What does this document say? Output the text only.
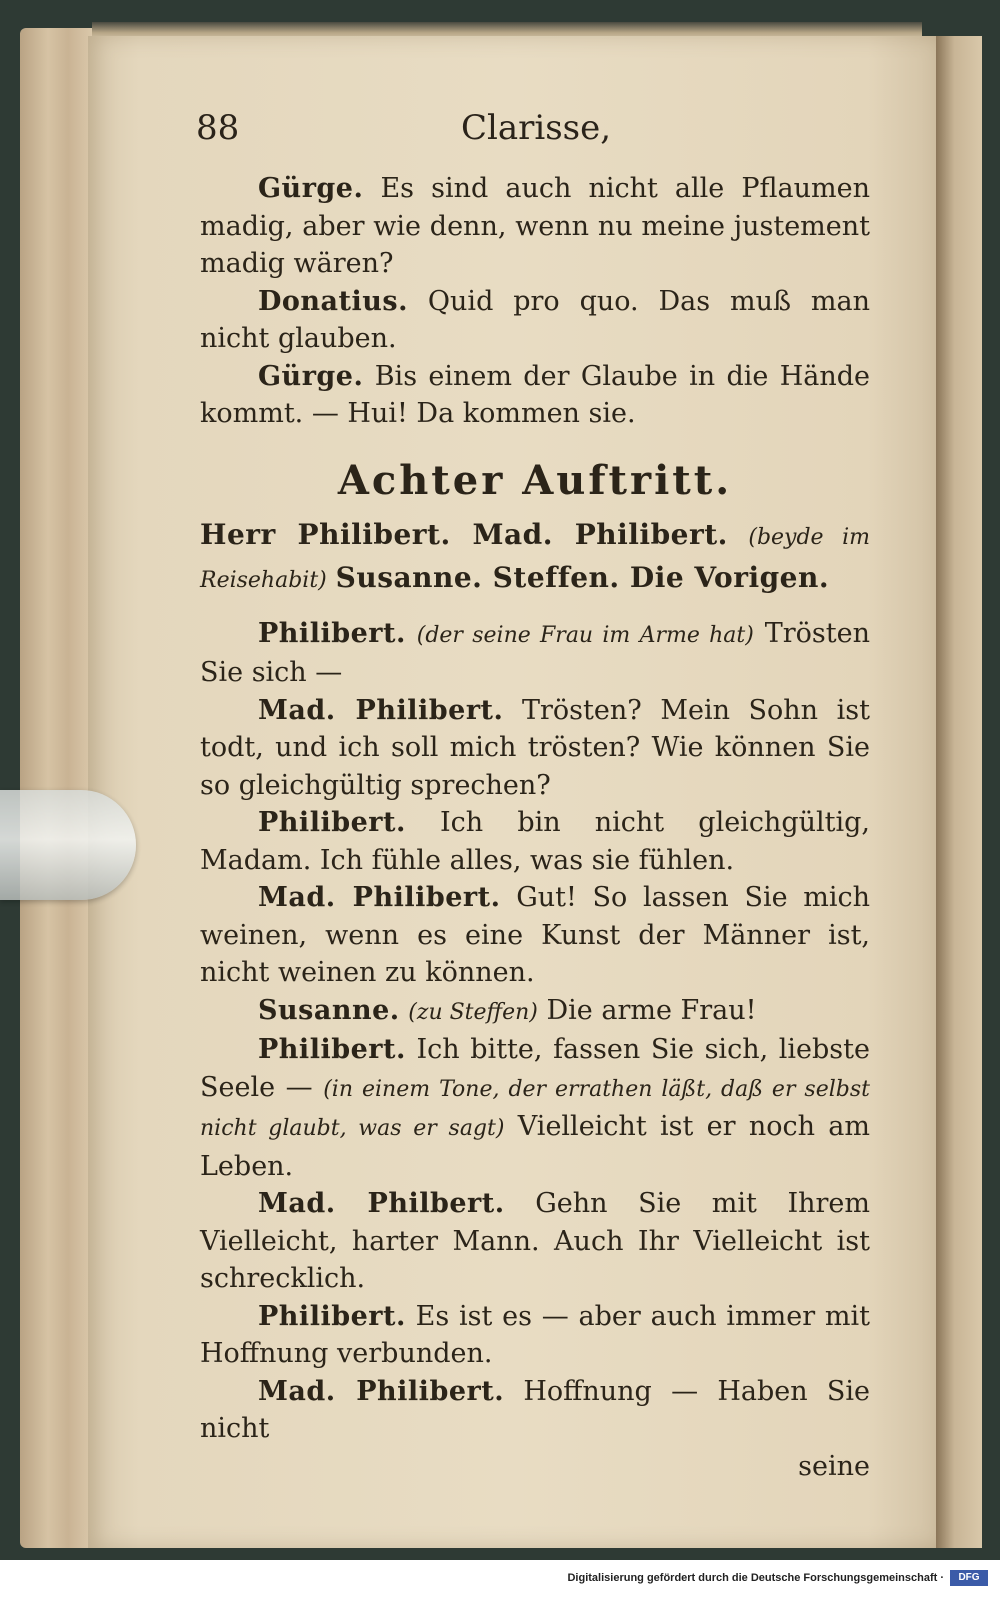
88	Clarisse,

Gürge. Es sind auch nicht alle Pflaumen madig, aber wie denn, wenn nu meine justement madig wären?

Donatius. Quid pro quo. Das muß man nicht glauben.

Gürge. Bis einem der Glaube in die Hände kommt. — Hui! Da kommen sie.

Achter Auftritt.

Herr Philibert. Mad. Philibert. (beyde im Reisehabit) Susanne. Steffen. Die Vorigen.

Philibert. (der seine Frau im Arme hat) Trösten Sie sich —

Mad. Philibert. Trösten? Mein Sohn ist todt, und ich soll mich trösten? Wie können Sie so gleichgültig sprechen?

Philibert. Ich bin nicht gleichgültig, Madam. Ich fühle alles, was sie fühlen.

Mad. Philibert. Gut! So lassen Sie mich weinen, wenn es eine Kunst der Männer ist, nicht weinen zu können.

Susanne. (zu Steffen) Die arme Frau!

Philibert. Ich bitte, fassen Sie sich, liebste Seele — (in einem Tone, der errathen läßt, daß er selbst nicht glaubt, was er sagt) Vielleicht ist er noch am Leben.

Mad. Philbert. Gehn Sie mit Ihrem Vielleicht, harter Mann. Auch Ihr Vielleicht ist schrecklich.

Philibert. Es ist es — aber auch immer mit Hoffnung verbunden.

Mad. Philibert. Hoffnung — Haben Sie nicht

seine

Digitalisierung gefördert durch die Deutsche Forschungsgemeinschaft ·	DFG
